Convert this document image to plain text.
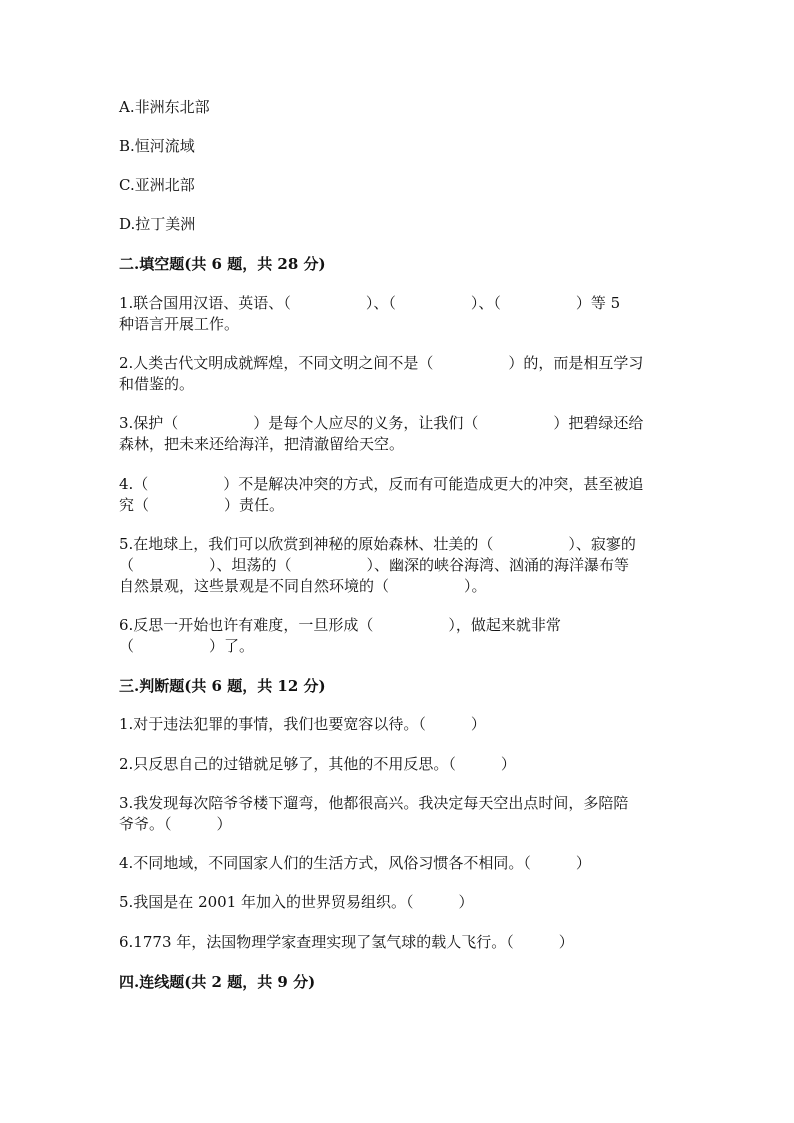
A.非洲东北部
B.恒河流域
C.亚洲北部
D.拉丁美洲
二.填空题(共 6 题，共 28 分)
1.联合国用汉语、英语、（　　　　　）、（　　　　　）、（　　　　　）等 5
种语言开展工作。
2.人类古代文明成就辉煌，不同文明之间不是（　　　　　）的，而是相互学习
和借鉴的。
3.保护（　　　　　）是每个人应尽的义务，让我们（　　　　　）把碧绿还给
森林，把未来还给海洋，把清澈留给天空。
4.（　　　　　）不是解决冲突的方式，反而有可能造成更大的冲突，甚至被追
究（　　　　　）责任。
5.在地球上，我们可以欣赏到神秘的原始森林、壮美的（　　　　　）、寂寥的
（　　　　　）、坦荡的（　　　　　）、幽深的峡谷海湾、汹涌的海洋瀑布等
自然景观，这些景观是不同自然环境的（　　　　　）。
6.反思一开始也许有难度，一旦形成（　　　　　），做起来就非常
（　　　　　）了。
三.判断题(共 6 题，共 12 分)
1.对于违法犯罪的事情，我们也要宽容以待。（　　　）
2.只反思自己的过错就足够了，其他的不用反思。（　　　）
3.我发现每次陪爷爷楼下遛弯，他都很高兴。我决定每天空出点时间，多陪陪
爷爷。（　　　）
4.不同地域，不同国家人们的生活方式，风俗习惯各不相同。（　　　）
5.我国是在 2001 年加入的世界贸易组织。（　　　）
6.1773 年，法国物理学家查理实现了氢气球的载人飞行。（　　　）
四.连线题(共 2 题，共 9 分)
